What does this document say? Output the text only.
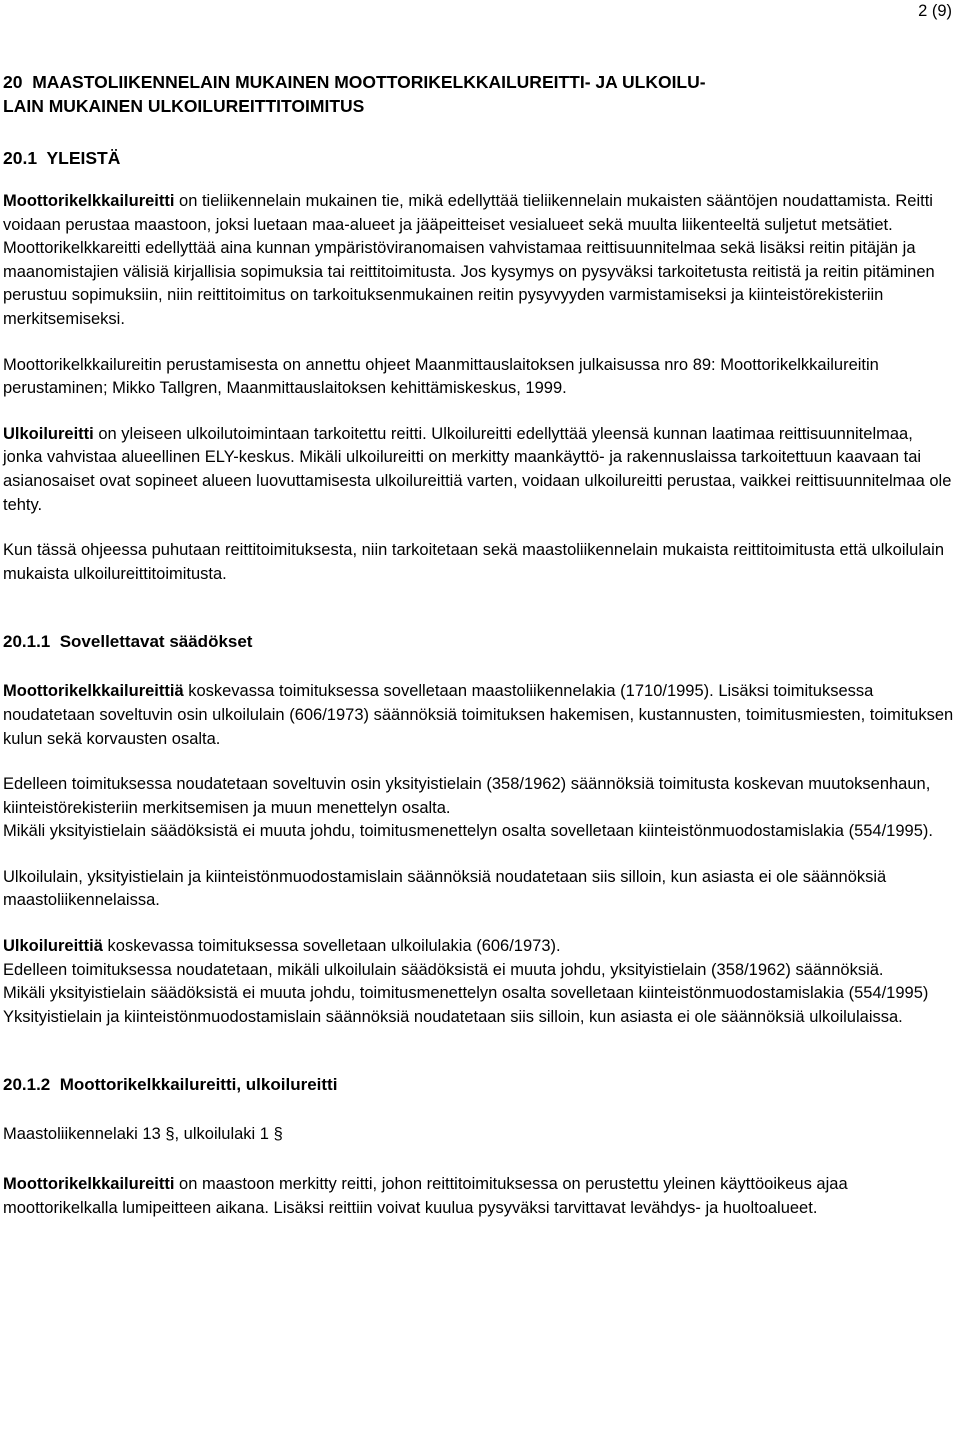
2 (9)
20  MAASTOLIIKENNELAIN MUKAINEN MOOTTORIKELKKAILUREITTI- JA ULKOILU-
LAIN MUKAINEN ULKOILUREITTITOIMITUS
20.1  YLEISTÄ

Moottorikelkkailureitti on tieliikennelain mukainen tie, mikä edellyttää tieliikennelain mukaisten sääntöjen noudattamista. Reitti voidaan perustaa maastoon, joksi luetaan maa-alueet ja jääpeitteiset vesialueet sekä muulta liikenteeltä suljetut metsätiet. Moottorikelkkareitti edellyttää aina kunnan ympäristöviranomaisen vahvistamaa reittisuunnitelmaa sekä lisäksi reitin pitäjän ja maanomistajien välisiä kirjallisia sopimuksia tai reittitoimitusta. Jos kysymys on pysyväksi tarkoitetusta reitistä ja reitin pitäminen perustuu sopimuksiin, niin reittitoimitus on tarkoituksenmukainen reitin pysyvyyden varmistamiseksi ja kiinteistörekisteriin merkitsemiseksi.

Moottorikelkkailureitin perustamisesta on annettu ohjeet Maanmittauslaitoksen julkaisussa nro 89: Moottorikelkkailureitin perustaminen; Mikko Tallgren, Maanmittauslaitoksen kehittämiskeskus, 1999.

Ulkoilureitti on yleiseen ulkoilutoimintaan tarkoitettu reitti. Ulkoilureitti edellyttää yleensä kunnan laatimaa reittisuunnitelmaa, jonka vahvistaa alueellinen ELY-keskus. Mikäli ulkoilureitti on merkitty maankäyttö- ja rakennuslaissa tarkoitettuun kaavaan tai asianosaiset ovat sopineet alueen luovuttamisesta ulkoilureittiä varten, voidaan ulkoilureitti perustaa, vaikkei reittisuunnitelmaa ole tehty.

Kun tässä ohjeessa puhutaan reittitoimituksesta, niin tarkoitetaan sekä maastoliikennelain mukaista reittitoimitusta että ulkoilulain mukaista ulkoilureittitoimitusta.

20.1.1  Sovellettavat säädökset

Moottorikelkkailureittiä koskevassa toimituksessa sovelletaan maastoliikennelakia (1710/1995). Lisäksi toimituksessa noudatetaan soveltuvin osin ulkoilulain (606/1973) säännöksiä toimituksen hakemisen, kustannusten, toimitusmiesten, toimituksen kulun sekä korvausten osalta.

Edelleen toimituksessa noudatetaan soveltuvin osin yksityistielain (358/1962) säännöksiä toimitusta koskevan muutoksenhaun, kiinteistörekisteriin merkitsemisen ja muun menettelyn osalta.

Mikäli yksityistielain säädöksistä ei muuta johdu, toimitusmenettelyn osalta sovelletaan kiinteistönmuodostamislakia (554/1995).

Ulkoilulain, yksityistielain ja kiinteistönmuodostamislain säännöksiä noudatetaan siis silloin, kun asiasta ei ole säännöksiä maastoliikennelaissa.

Ulkoilureittiä koskevassa toimituksessa sovelletaan ulkoilulakia (606/1973).

Edelleen toimituksessa noudatetaan, mikäli ulkoilulain säädöksistä ei muuta johdu, yksityistielain (358/1962) säännöksiä.

Mikäli yksityistielain säädöksistä ei muuta johdu, toimitusmenettelyn osalta sovelletaan kiinteistönmuodostamislakia (554/1995)

Yksityistielain ja kiinteistönmuodostamislain säännöksiä noudatetaan siis silloin, kun asiasta ei ole säännöksiä ulkoilulaissa.

20.1.2  Moottorikelkkailureitti, ulkoilureitti

Maastoliikennelaki 13 §, ulkoilulaki 1 §

Moottorikelkkailureitti on maastoon merkitty reitti, johon reittitoimituksessa on perustettu yleinen käyttöoikeus ajaa moottorikelkalla lumipeitteen aikana. Lisäksi reittiin voivat kuulua pysyväksi tarvittavat levähdys- ja huoltoalueet.
